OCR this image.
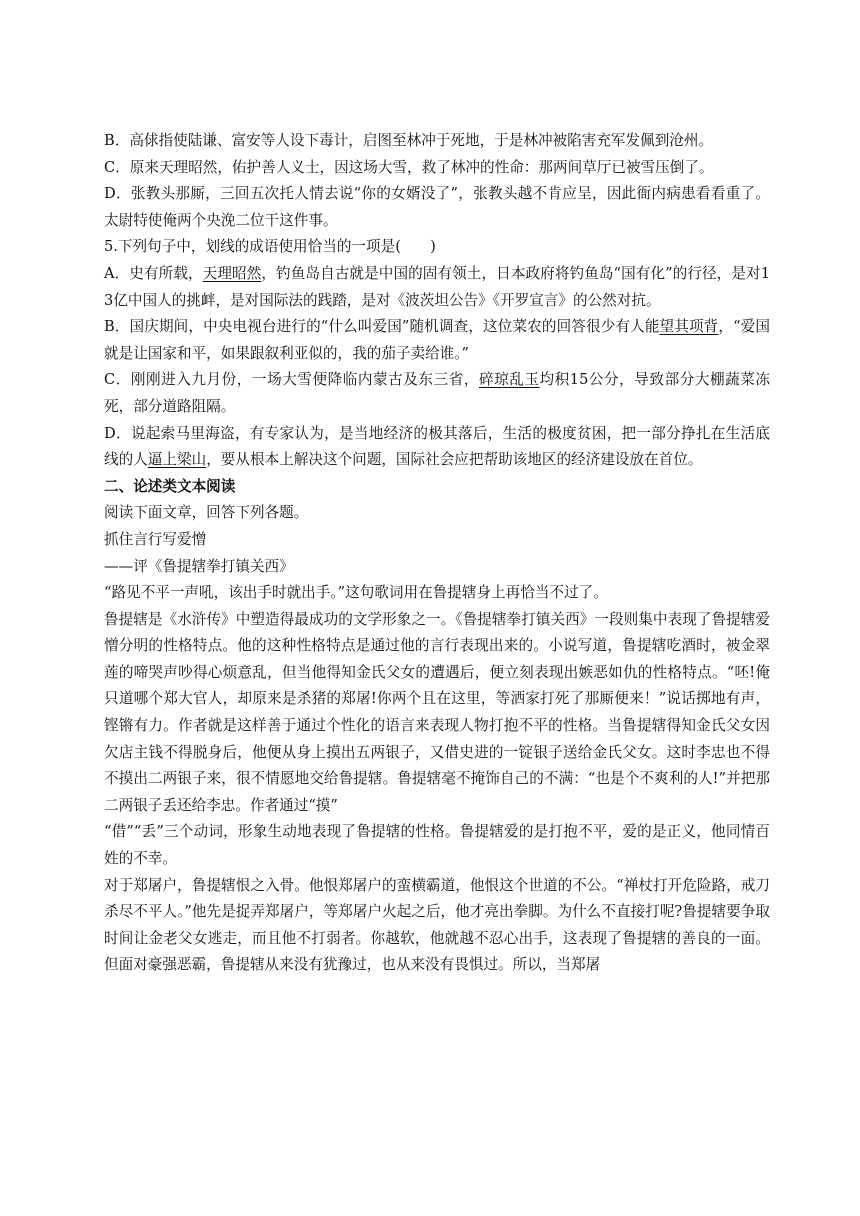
B．高俅指使陆谦、富安等人设下毒计，启图至林冲于死地，于是林冲被陷害充军发佩到沧州。

C．原来天理昭然，佑护善人义士，因这场大雪，救了林冲的性命：那两间草厅已被雪压倒了。

D．张教头那厮，三回五次托人情去说“你的女婿没了”，张教头越不肯应呈，因此衙内病患看看重了。太尉特使俺两个央浼二位干这件事。

5.下列句子中，划线的成语使用恰当的一项是(　　)

A．史有所载，天理昭然，钓鱼岛自古就是中国的固有领土，日本政府将钓鱼岛“国有化”的行径，是对13亿中国人的挑衅，是对国际法的践踏，是对《波茨坦公告》《开罗宣言》的公然对抗。

B．国庆期间，中央电视台进行的“什么叫爱国”随机调查，这位菜农的回答很少有人能望其项背，“爱国就是让国家和平，如果跟叙利亚似的，我的茄子卖给谁。”

C．刚刚进入九月份，一场大雪便降临内蒙古及东三省，碎琼乱玉均积15公分，导致部分大棚蔬菜冻死，部分道路阻隔。

D．说起索马里海盗，有专家认为，是当地经济的极其落后，生活的极度贫困，把一部分挣扎在生活底线的人逼上梁山，要从根本上解决这个问题，国际社会应把帮助该地区的经济建设放在首位。

二、论述类文本阅读

阅读下面文章，回答下列各题。

抓住言行写爱憎

——评《鲁提辖拳打镇关西》

“路见不平一声吼，该出手时就出手。”这句歌词用在鲁提辖身上再恰当不过了。

鲁提辖是《水浒传》中塑造得最成功的文学形象之一。《鲁提辖拳打镇关西》一段则集中表现了鲁提辖爱憎分明的性格特点。他的这种性格特点是通过他的言行表现出来的。小说写道，鲁提辖吃酒时，被金翠莲的啼哭声吵得心烦意乱，但当他得知金氏父女的遭遇后，便立刻表现出嫉恶如仇的性格特点。“呸!俺只道哪个郑大官人，却原来是杀猪的郑屠!你两个且在这里，等洒家打死了那厮便来！”说话掷地有声，铿锵有力。作者就是这样善于通过个性化的语言来表现人物打抱不平的性格。当鲁提辖得知金氏父女因欠店主钱不得脱身后，他便从身上摸出五两银子，又借史进的一锭银子送给金氏父女。这时李忠也不得不摸出二两银子来，很不情愿地交给鲁提辖。鲁提辖毫不掩饰自己的不满：“也是个不爽利的人!”并把那二两银子丢还给李忠。作者通过“摸”

“借”“丢”三个动词，形象生动地表现了鲁提辖的性格。鲁提辖爱的是打抱不平，爱的是正义，他同情百姓的不幸。

对于郑屠户，鲁提辖恨之入骨。他恨郑屠户的蛮横霸道，他恨这个世道的不公。“禅杖打开危险路，戒刀杀尽不平人。”他先是捉弄郑屠户，等郑屠户火起之后，他才亮出拳脚。为什么不直接打呢?鲁提辖要争取时间让金老父女逃走，而且他不打弱者。你越软，他就越不忍心出手，这表现了鲁提辖的善良的一面。但面对豪强恶霸，鲁提辖从来没有犹豫过，也从来没有畏惧过。所以，当郑屠
